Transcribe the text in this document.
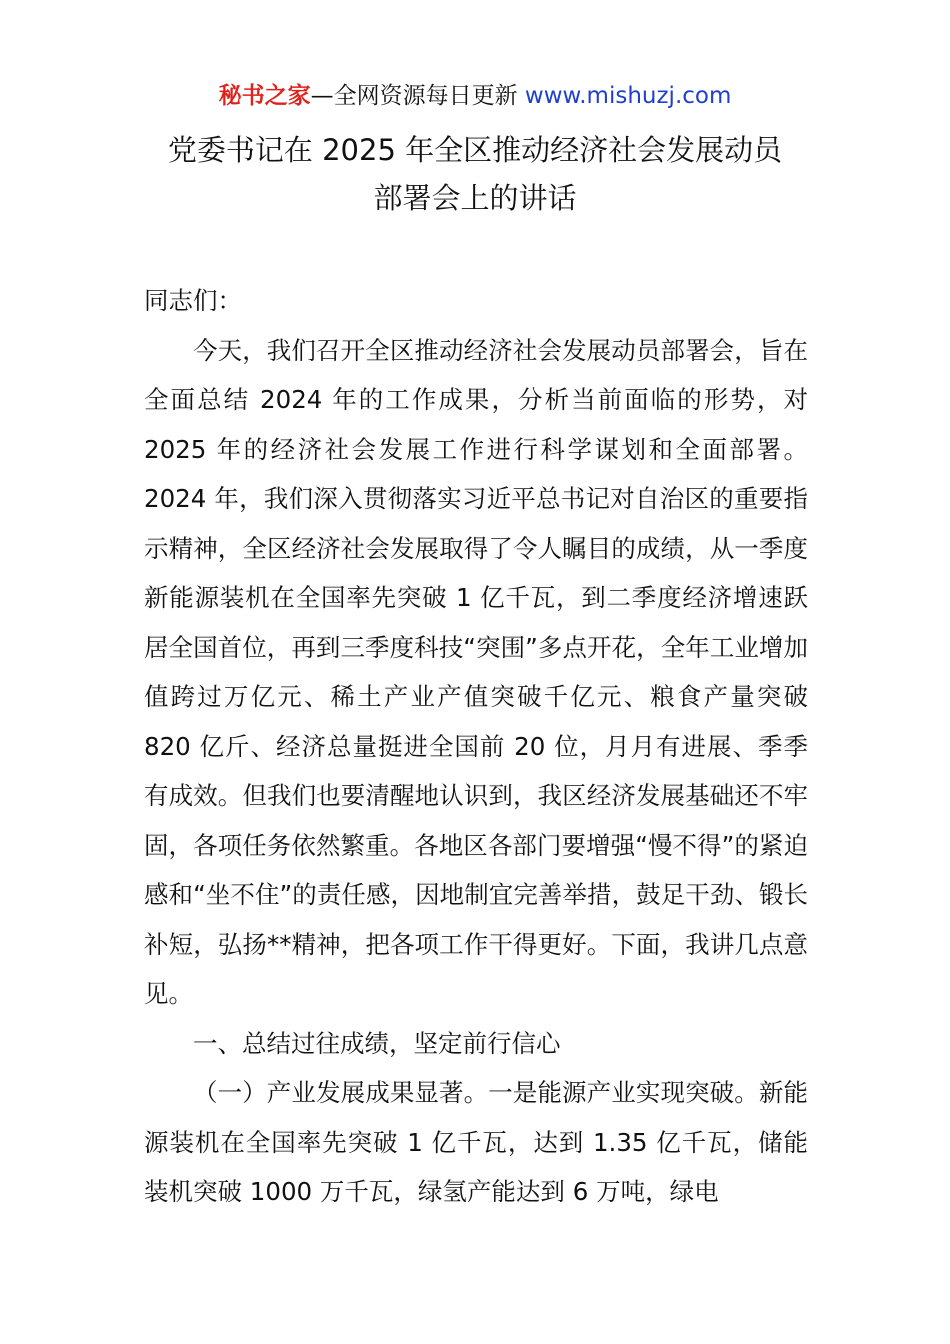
秘书之家—全网资源每日更新 www.mishuzj.com
党委书记在 2025 年全区推动经济社会发展动员
部署会上的讲话

同志们：

今天，我们召开全区推动经济社会发展动员部署会，旨在全面总结 2024 年的工作成果，分析当前面临的形势，对 2025 年的经济社会发展工作进行科学谋划和全面部署。2024 年，我们深入贯彻落实习近平总书记对自治区的重要指示精神，全区经济社会发展取得了令人瞩目的成绩，从一季度新能源装机在全国率先突破 1 亿千瓦，到二季度经济增速跃居全国首位，再到三季度科技“突围”多点开花，全年工业增加值跨过万亿元、稀土产业产值突破千亿元、粮食产量突破 820 亿斤、经济总量挺进全国前 20 位，月月有进展、季季有成效。但我们也要清醒地认识到，我区经济发展基础还不牢固，各项任务依然繁重。各地区各部门要增强“慢不得”的紧迫感和“坐不住”的责任感，因地制宜完善举措，鼓足干劲、锻长补短，弘扬**精神，把各项工作干得更好。下面，我讲几点意见。

一、总结过往成绩，坚定前行信心

（一）产业发展成果显著。一是能源产业实现突破。新能源装机在全国率先突破 1 亿千瓦，达到 1.35 亿千瓦，储能装机突破 1000 万千瓦，绿氢产能达到 6 万吨，绿电
